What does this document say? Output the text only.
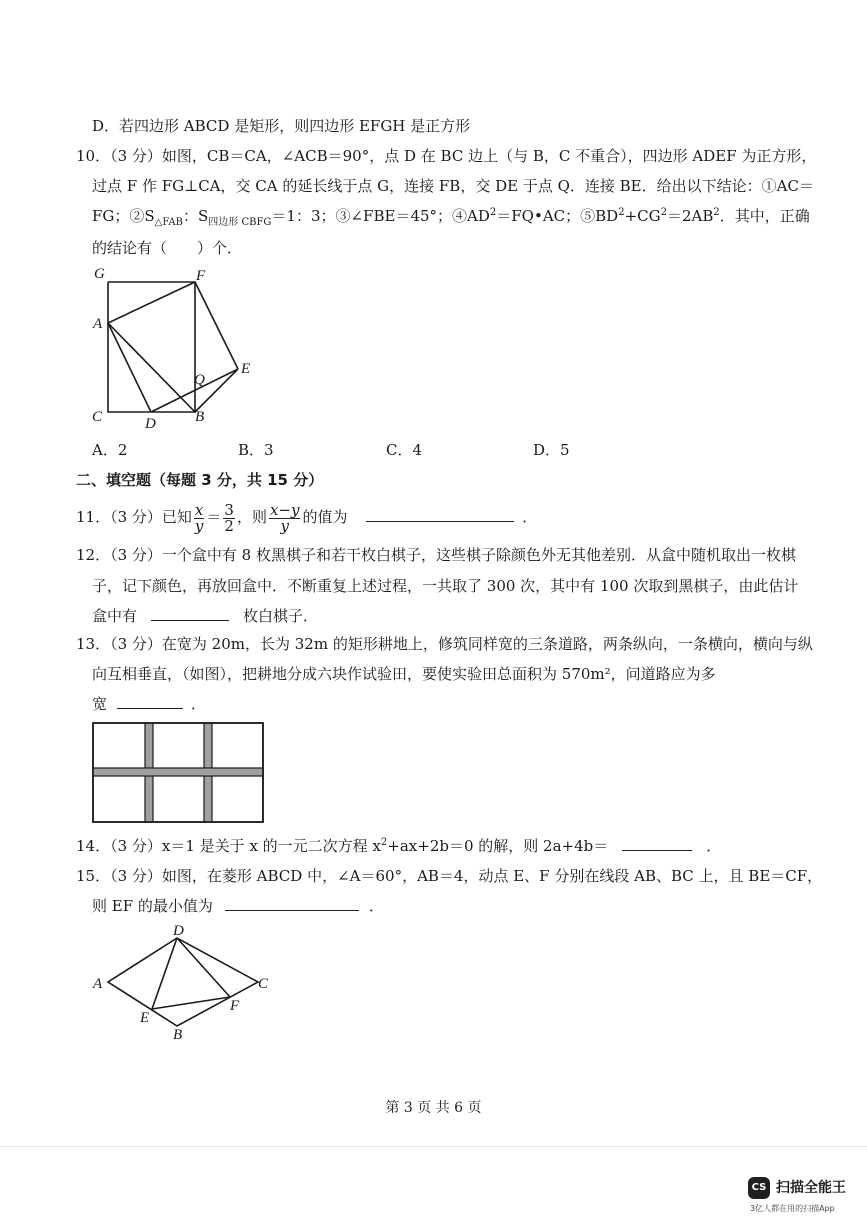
D．若四边形 ABCD 是矩形，则四边形 EFGH 是正方形
10．（3 分）如图，CB＝CA，∠ACB＝90°，点 D 在 BC 边上（与 B，C 不重合），四边形 ADEF 为正方形，
过点 F 作 FG⊥CA，交 CA 的延长线于点 G，连接 FB，交 DE 于点 Q．连接 BE．给出以下结论：①AC＝
FG；$②S_{\triangle FAB}$：$S_{四边形 CBFG}=1$：3；③∠FBE＝45°；$④AD^2=FQ•AC$；$⑤BD^2+CG^2=2AB^2$．其中，正确
的结论有（　　）个．
G	F
A
Q
E
C	D	B
A．2	B．3	C．4	D．5
二、填空题（每题 3 分，共 15 分）
11．（3 分）已知 $\frac{x}{y} = \frac{3}{2}$ ，则 $\frac{x-y}{y}$ 的值为	．
12．（3 分）一个盒中有 8 枚黑棋子和若干枚白棋子，这些棋子除颜色外无其他差别．从盒中随机取出一枚棋
子，记下颜色，再放回盒中．不断重复上述过程，一共取了 300 次，其中有 100 次取到黑棋子，由此估计
盒中有	枚白棋子．
13．（3 分）在宽为 20m，长为 32m 的矩形耕地上，修筑同样宽的三条道路，两条纵向，一条横向，横向与纵
向互相垂直，（如图），把耕地分成六块作试验田，要使实验田总面积为 570m²，问道路应为多
宽	．
14．（3 分）x＝1 是关于 x 的一元二次方程 $x^2+ax+2b=0$ 的解，则 2a+4b＝	．
15．（3 分）如图，在菱形 ABCD 中，∠A＝60°，AB＝4，动点 E、F 分别在线段 AB、BC 上，且 BE＝CF，
则 EF 的最小值为	．
D
A	C
F
E
B
第 3 页 共 6 页
CS 扫描全能王
3亿人都在用的扫描App
